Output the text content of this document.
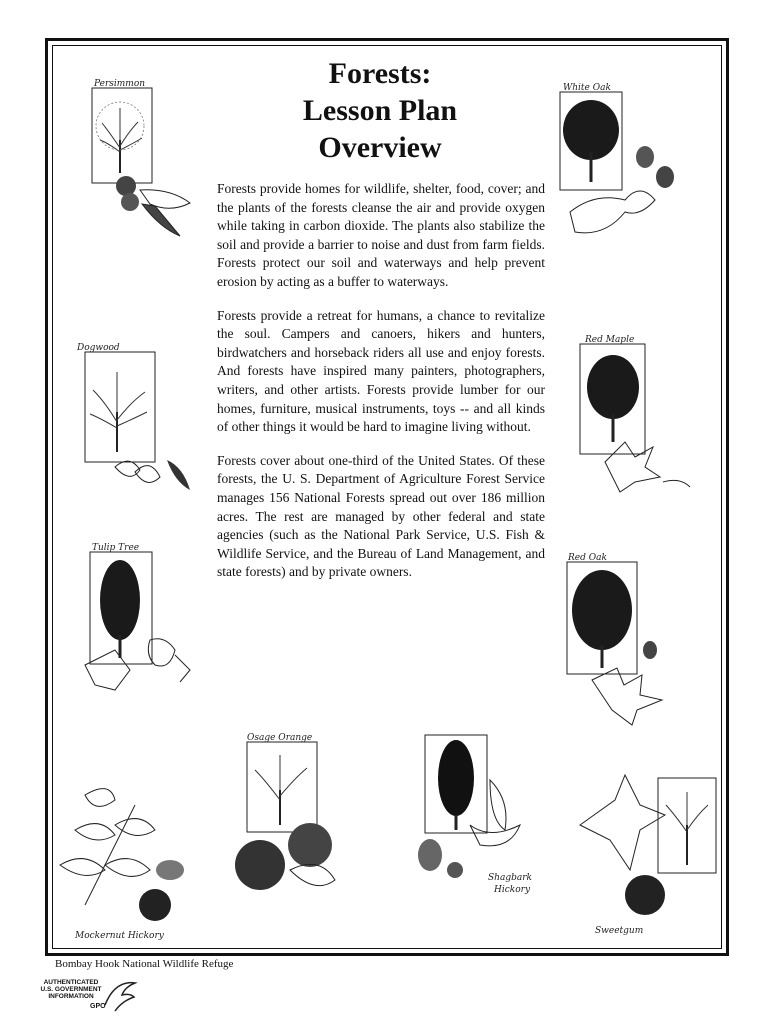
Forests:
Lesson Plan
Overview

Forests provide homes for wildlife, shelter, food, cover; and the plants of the forests cleanse the air and provide oxygen while taking in carbon dioxide. The plants also stabilize the soil and provide a barrier to noise and dust from farm fields. Forests protect our soil and waterways and help prevent erosion by acting as a buffer to waterways.

Forests provide a retreat for humans, a chance to revitalize the soul. Campers and canoers, hikers and hunters, birdwatchers and horseback riders all use and enjoy forests. And forests have inspired many painters, photographers, writers, and other artists. Forests provide lumber for our homes, furniture, musical instruments, toys -- and all kinds of other things it would be hard to imagine living without.

Forests cover about one-third of the United States. Of these forests, the U. S. Department of Agriculture Forest Service manages 156 National Forests spread out over 186 million acres. The rest are managed by other federal and state agencies (such as the National Park Service, U.S. Fish & Wildlife Service, and the Bureau of Land Management, and state forests) and by private owners.

Persimmon	White Oak
Dogwood
Red Maple
Tulip Tree
Red Oak
Mockernut Hickory
Osage Orange
Shagbark
Hickory
Sweetgum
Bombay Hook National Wildlife Refuge
AUTHENTICATED
U.S. GOVERNMENT
INFORMATION
GPO
